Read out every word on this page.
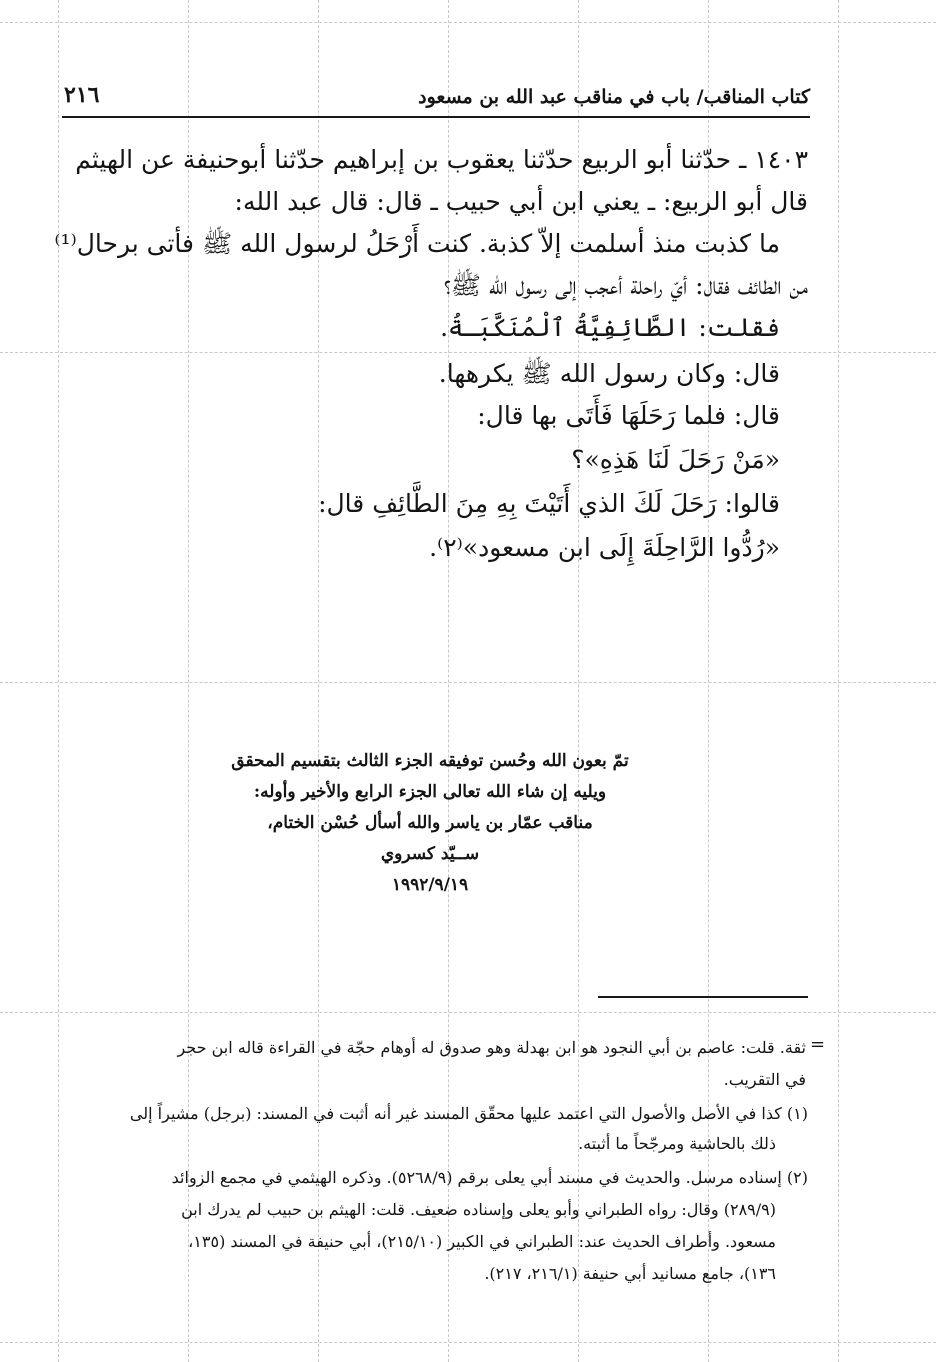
كتاب المناقب/ باب في مناقب عبد الله بن مسعود
٢١٦
١٤٠٣ ـ حدّثنا أبو الربيع حدّثنا يعقوب بن إبراهيم حدّثنا أبوحنيفة عن الهيثم
قال أبو الربيع: ـ يعني ابن أبي حبيب ـ قال: قال عبد الله:
ما كذبت منذ أسلمت إلاّ كذبة. كنت أَرْحَلُ لرسول الله ﷺ فأتى برحال⁽¹⁾
من الطائف فقال: أيّ راحلة أعجب إلى رسول الله ﷺ؟
فقلت: الطَّائِفِيَّةُ ٱلْمُنَكَّبَـةُ.
قال: وكان رسول الله ﷺ يكرهها.
قال: فلما رَحَلَهَا فَأَتَى بها قال:
«مَنْ رَحَلَ لَنَا هَذِهِ»؟
قالوا: رَحَلَ لَكَ الذي أَتَيْتَ بِهِ مِنَ الطَّائِفِ قال:
«رُدُّوا الرَّاحِلَةَ إِلَى ابن مسعود»⁽٢⁾.
تمّ بعون الله وحُسن توفيقه الجزء الثالث بتقسيم المحقق
ويليه إن شاء الله تعالى الجزء الرابع والأخير وأوله:
مناقب عمّار بن ياسر والله أسأل حُسْن الختام،
ســيّد كسروي
١٩٩٢/٩/١٩
=
ثقة. قلت: عاصم بن أبي النجود هو ابن بهدلة وهو صدوق له أوهام حجّة في القراءة قاله ابن حجر
في التقريب.
(١) كذا في الأصل والأصول التي اعتمد عليها محقّق المسند غير أنه أثبت في المسند: (برجل) مشيراً إلى
ذلك بالحاشية ومرجّحاً ما أثبته.
(٢) إسناده مرسل. والحديث في مسند أبي يعلى برقم (٥٢٦٨/٩). وذكره الهيثمي في مجمع الزوائد
(٢٨٩/٩) وقال: رواه الطبراني وأبو يعلى وإسناده ضعيف. قلت: الهيثم بن حبيب لم يدرك ابن
مسعود. وأطراف الحديث عند: الطبراني في الكبير (٢١٥/١٠)، أبي حنيفة في المسند (١٣٥،
١٣٦)، جامع مسانيد أبي حنيفة (٢١٦/١، ٢١٧).
